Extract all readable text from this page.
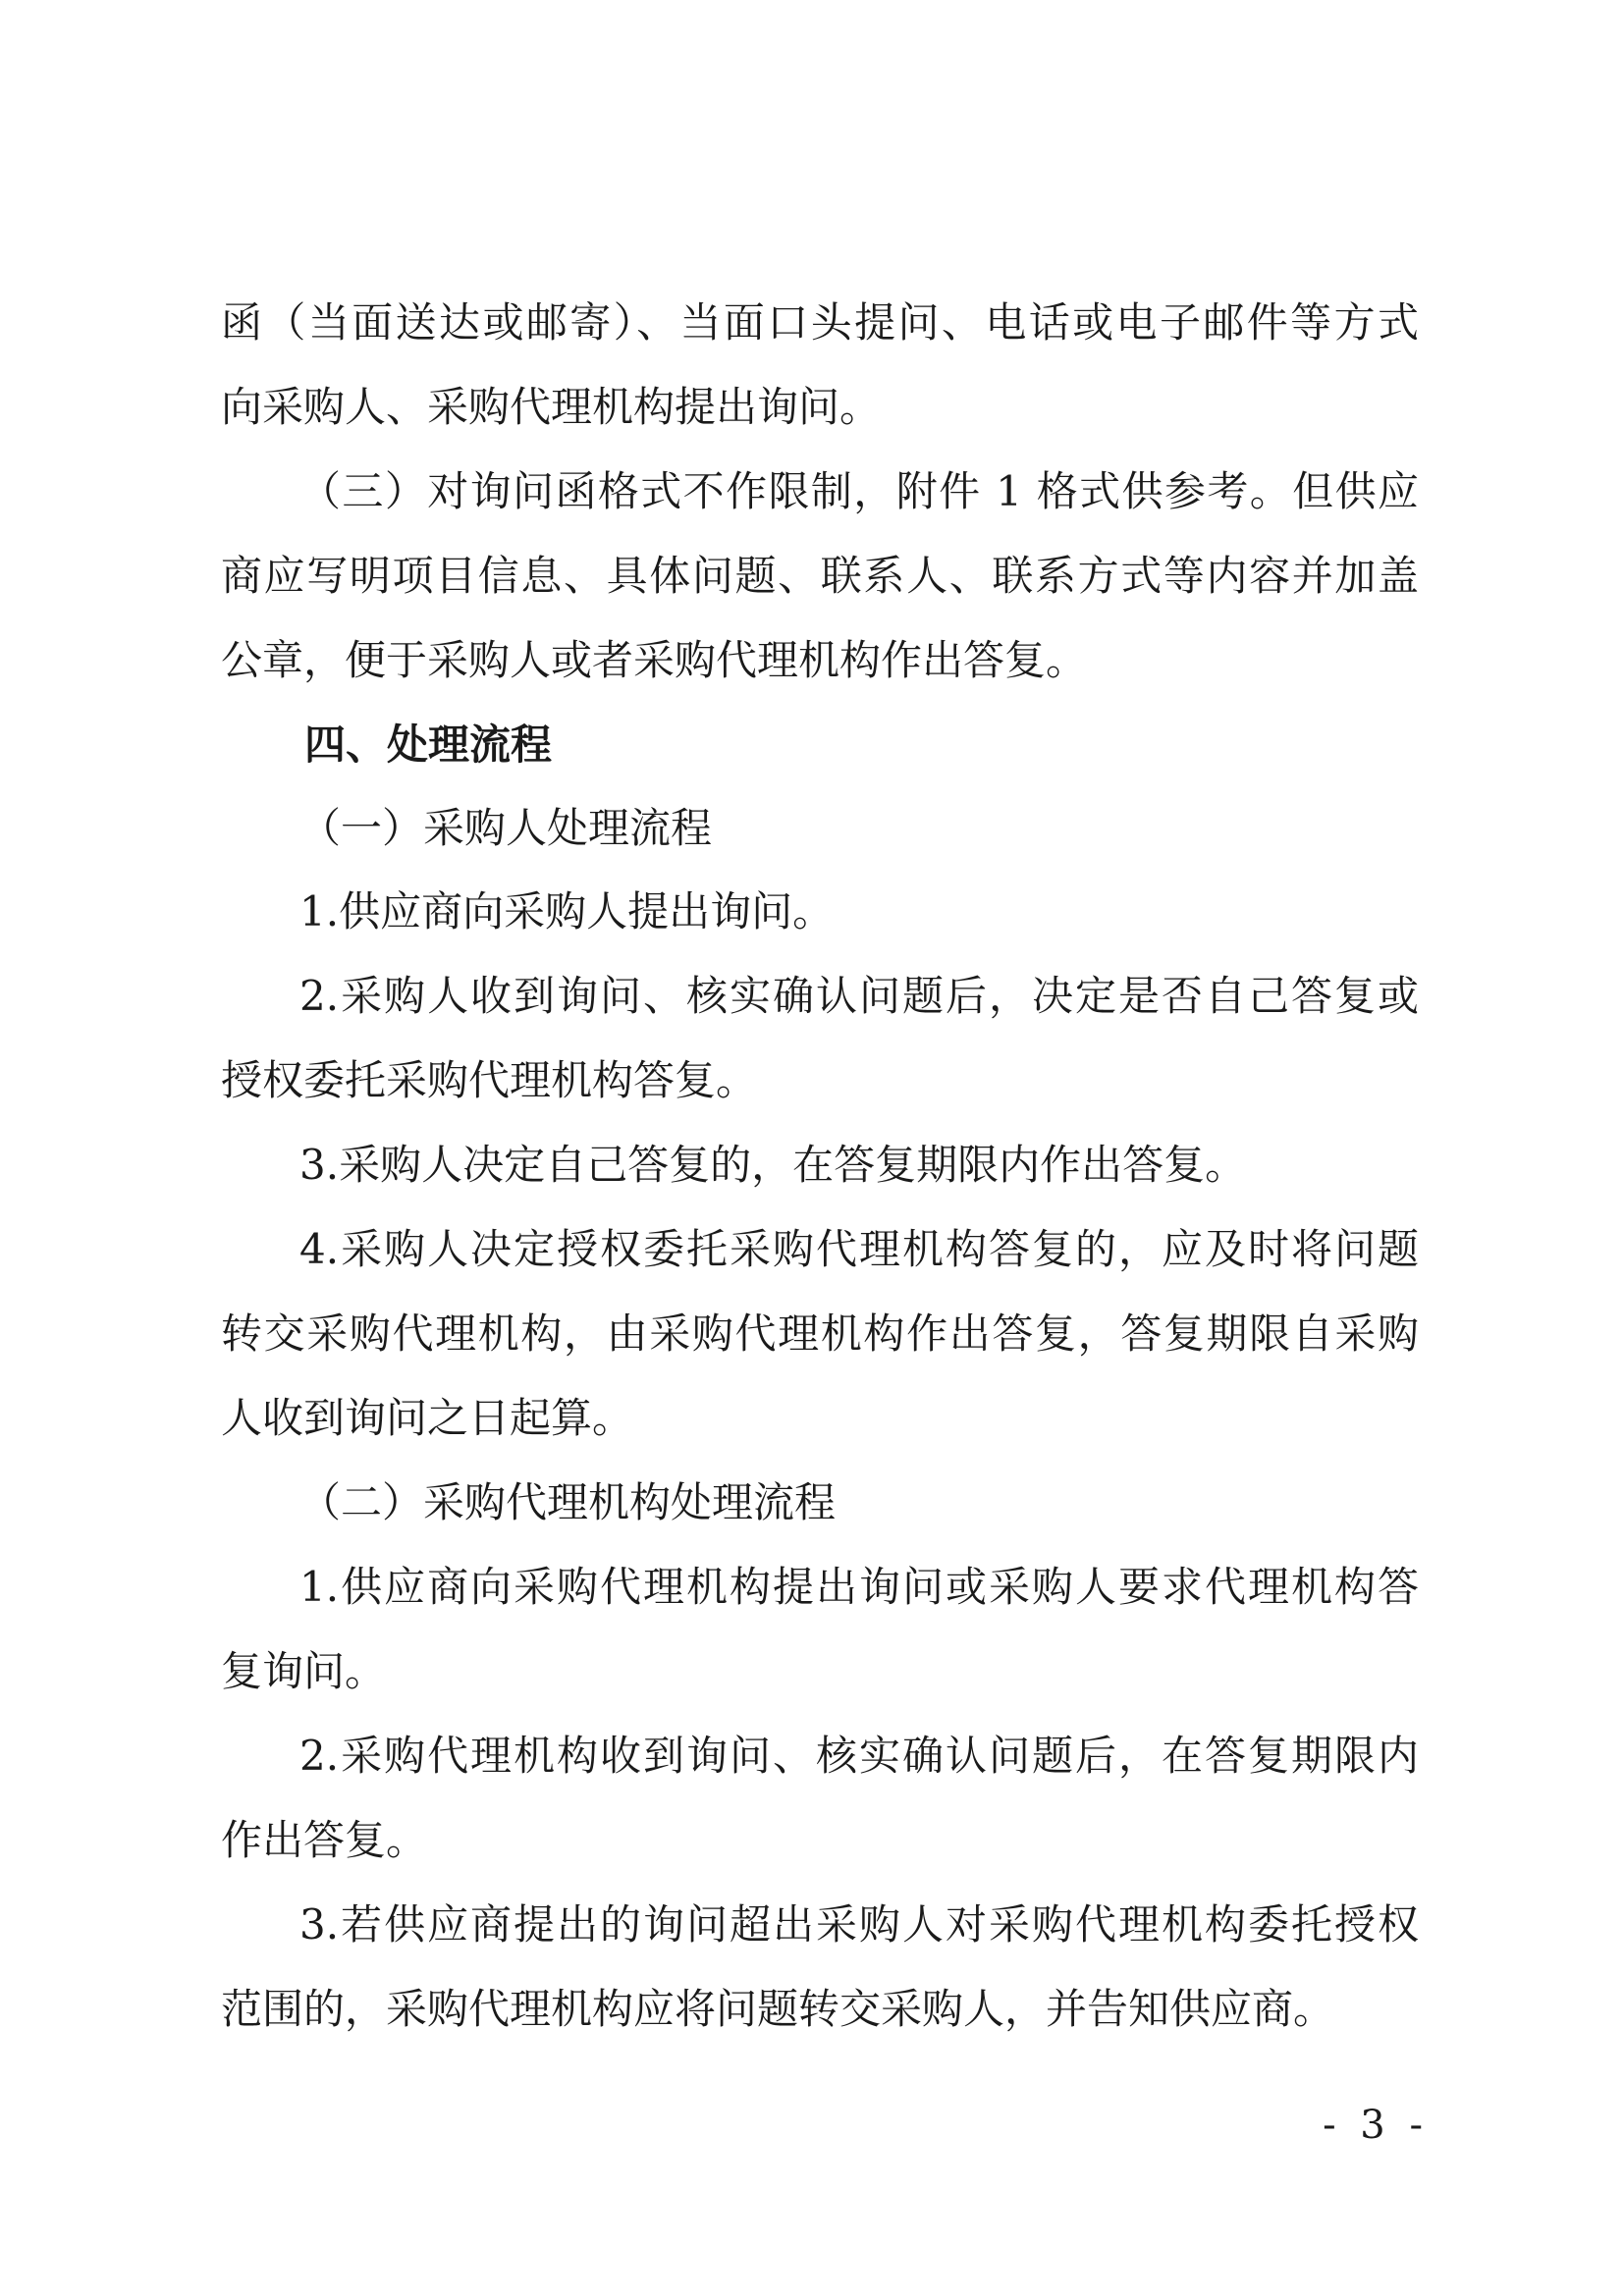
函（当面送达或邮寄）、当面口头提问、电话或电子邮件等方式
向采购人、采购代理机构提出询问。
（三）对询问函格式不作限制，附件 1 格式供参考。但供应
商应写明项目信息、具体问题、联系人、联系方式等内容并加盖
公章，便于采购人或者采购代理机构作出答复。
四、处理流程
（一）采购人处理流程
1.供应商向采购人提出询问。
2.采购人收到询问、核实确认问题后，决定是否自己答复或
授权委托采购代理机构答复。
3.采购人决定自己答复的，在答复期限内作出答复。
4.采购人决定授权委托采购代理机构答复的，应及时将问题
转交采购代理机构，由采购代理机构作出答复，答复期限自采购
人收到询问之日起算。
（二）采购代理机构处理流程
1.供应商向采购代理机构提出询问或采购人要求代理机构答
复询问。
2.采购代理机构收到询问、核实确认问题后，在答复期限内
作出答复。
3.若供应商提出的询问超出采购人对采购代理机构委托授权
范围的，采购代理机构应将问题转交采购人，并告知供应商。
- 3 -
